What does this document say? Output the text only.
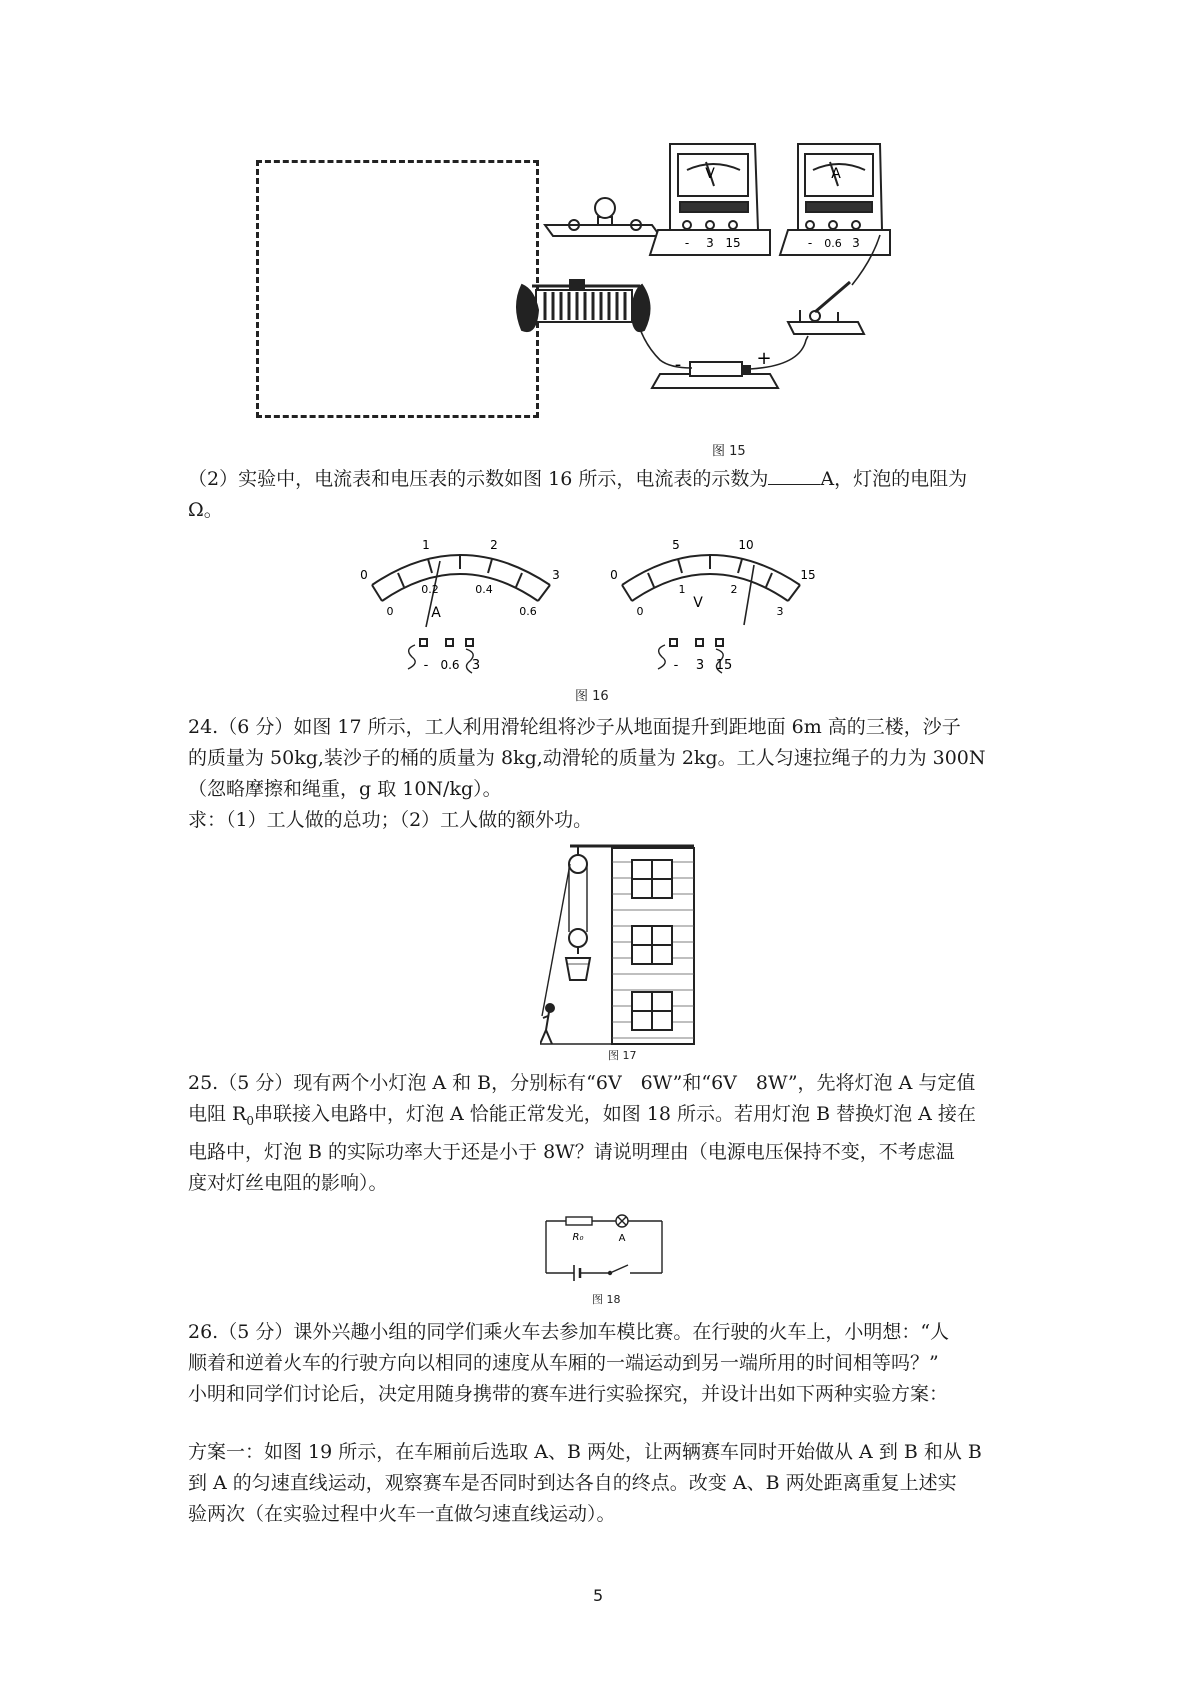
V	A
- 3 15	- 0.6 3
-	+
图 15

（2）实验中，电流表和电压表的示数如图 16 所示，电流表的示数为	A，灯泡的电阻为
Ω。

0
1	2
3
0
0.2	0.4
0.6
A
- 0.6 3
0
5	10
15
0
1	2
3
V
- 3 15
图 16

24.（6 分）如图 17 所示，工人利用滑轮组将沙子从地面提升到距地面 6m 高的三楼，沙子
的质量为 50kg,装沙子的桶的质量为 8kg,动滑轮的质量为 2kg。工人匀速拉绳子的力为 300N
（忽略摩擦和绳重，g 取 10N/kg）。
求：（1）工人做的总功；（2）工人做的额外功。

图 17

25.（5 分）现有两个小灯泡 A 和 B，分别标有“6V　6W”和“6V　8W”，先将灯泡 A 与定值
电阻 $R_0$串联接入电路中，灯泡 A 恰能正常发光，如图 18 所示。若用灯泡 B 替换灯泡 A 接在
电路中，灯泡 B 的实际功率大于还是小于 8W？请说明理由（电源电压保持不变，不考虑温
度对灯丝电阻的影响）。

R₀	A
图 18

26.（5 分）课外兴趣小组的同学们乘火车去参加车模比赛。在行驶的火车上，小明想：“人
顺着和逆着火车的行驶方向以相同的速度从车厢的一端运动到另一端所用的时间相等吗？”
小明和同学们讨论后，决定用随身携带的赛车进行实验探究，并设计出如下两种实验方案：

方案一：如图 19 所示，在车厢前后选取 A、B 两处，让两辆赛车同时开始做从 A 到 B 和从 B
到 A 的匀速直线运动，观察赛车是否同时到达各自的终点。改变 A、B 两处距离重复上述实
验两次（在实验过程中火车一直做匀速直线运动）。

5
